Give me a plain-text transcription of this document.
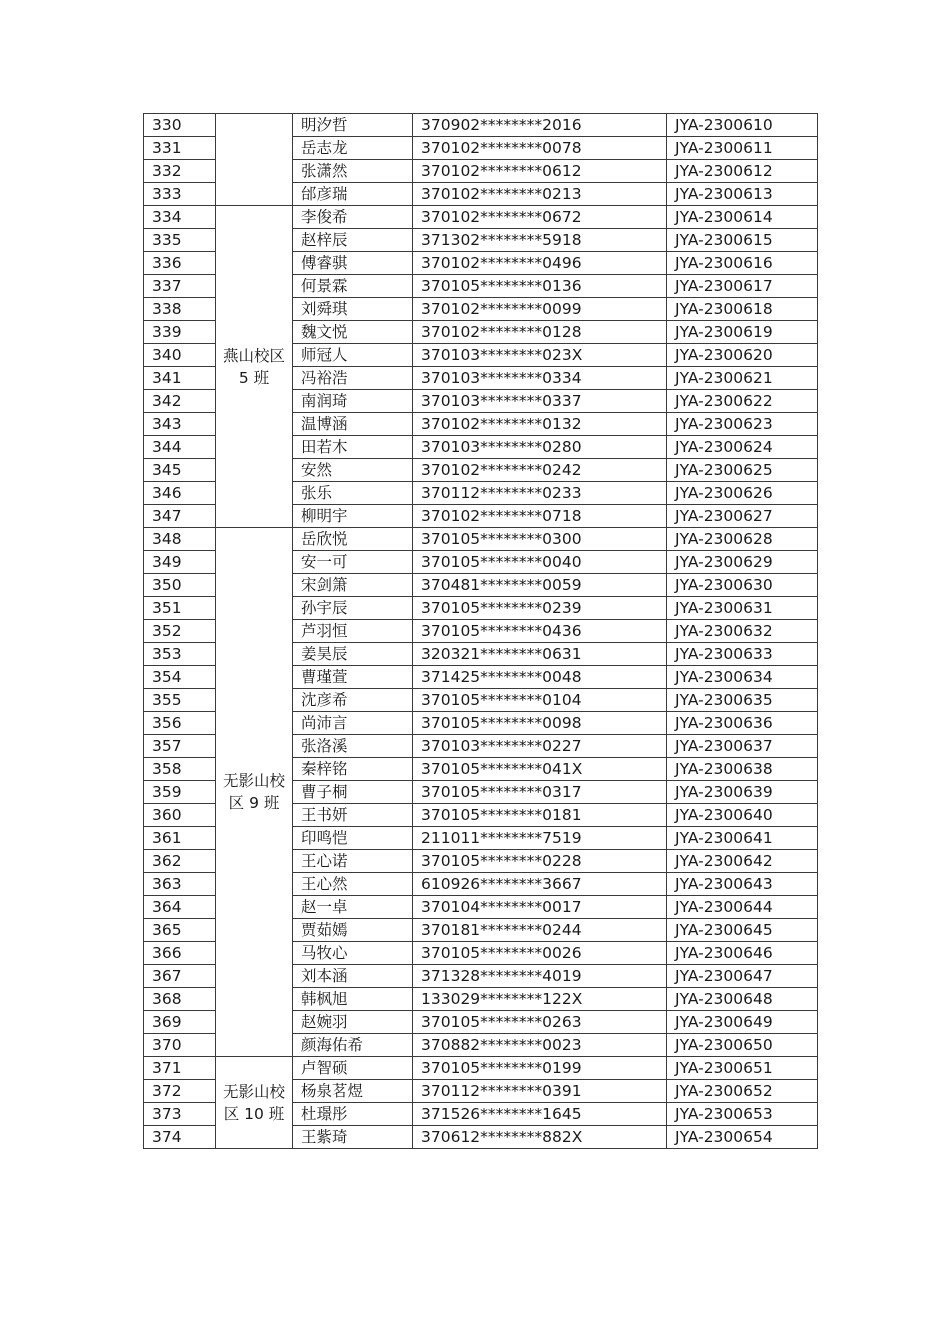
330		明汐哲	370902********2016	JYA-2300610
331		岳志龙	370102********0078	JYA-2300611
332		张潇然	370102********0612	JYA-2300612
333		邰彦瑞	370102********0213	JYA-2300613
334	燕山校区 5 班	李俊希	370102********0672	JYA-2300614
335		赵梓辰	371302********5918	JYA-2300615
336		傅睿骐	370102********0496	JYA-2300616
337		何景霖	370105********0136	JYA-2300617
338		刘舜琪	370102********0099	JYA-2300618
339		魏文悦	370102********0128	JYA-2300619
340		师冠人	370103********023X	JYA-2300620
341		冯裕浩	370103********0334	JYA-2300621
342		南润琦	370103********0337	JYA-2300622
343		温博涵	370102********0132	JYA-2300623
344		田若木	370103********0280	JYA-2300624
345		安然	370102********0242	JYA-2300625
346		张乐	370112********0233	JYA-2300626
347		柳明宇	370102********0718	JYA-2300627
348	无影山校区 9 班	岳欣悦	370105********0300	JYA-2300628
349		安一可	370105********0040	JYA-2300629
350		宋剑箫	370481********0059	JYA-2300630
351		孙宇辰	370105********0239	JYA-2300631
352		芦羽恒	370105********0436	JYA-2300632
353		姜昊辰	320321********0631	JYA-2300633
354		曹瑾萱	371425********0048	JYA-2300634
355		沈彦希	370105********0104	JYA-2300635
356		尚沛言	370105********0098	JYA-2300636
357		张洛溪	370103********0227	JYA-2300637
358		秦梓铭	370105********041X	JYA-2300638
359		曹子桐	370105********0317	JYA-2300639
360		王书妍	370105********0181	JYA-2300640
361		印鸣恺	211011********7519	JYA-2300641
362		王心诺	370105********0228	JYA-2300642
363		王心然	610926********3667	JYA-2300643
364		赵一卓	370104********0017	JYA-2300644
365		贾茹嫣	370181********0244	JYA-2300645
366		马牧心	370105********0026	JYA-2300646
367		刘本涵	371328********4019	JYA-2300647
368		韩枫旭	133029********122X	JYA-2300648
369		赵婉羽	370105********0263	JYA-2300649
370		颜海佑希	370882********0023	JYA-2300650
371	无影山校区 10 班	卢智硕	370105********0199	JYA-2300651
372		杨泉茗煜	370112********0391	JYA-2300652
373		杜璟彤	371526********1645	JYA-2300653
374		王紫琦	370612********882X	JYA-2300654
